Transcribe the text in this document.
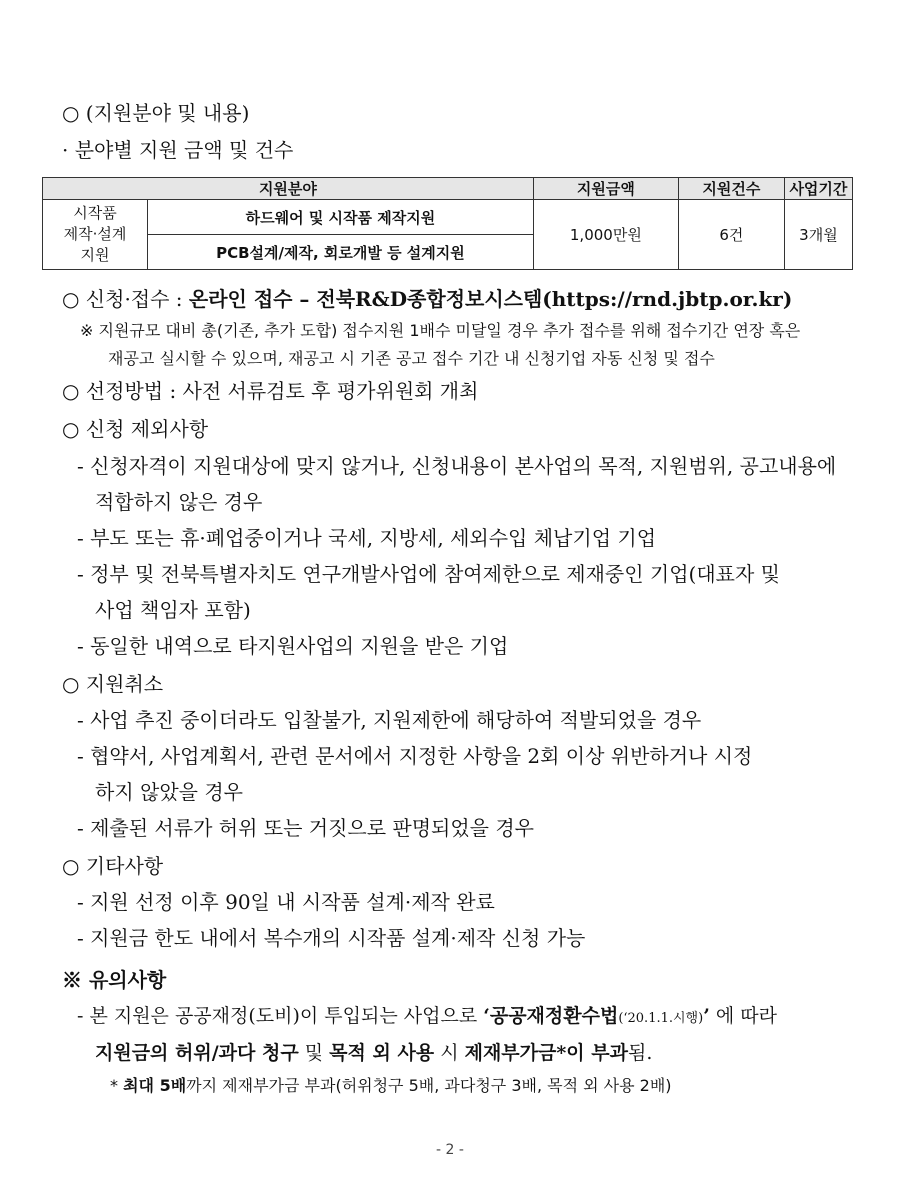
○ (지원분야 및 내용)
· 분야별 지원 금액 및 건수
지원분야		지원금액	지원건수	사업기간

시작품
제작·설계
지원	하드웨어 및 시작품 제작지원	1,000만원	6건	3개월
	PCB설계/제작, 회로개발 등 설계지원			
○ 신청·접수 : 온라인 접수 – 전북R&D종합정보시스템(https://rnd.jbtp.or.kr)
※ 지원규모 대비 총(기존, 추가 도합) 접수지원 1배수 미달일 경우 추가 접수를 위해 접수기간 연장 혹은
재공고 실시할 수 있으며, 재공고 시 기존 공고 접수 기간 내 신청기업 자동 신청 및 접수
○ 선정방법 : 사전 서류검토 후 평가위원회 개최
○ 신청 제외사항
- 신청자격이 지원대상에 맞지 않거나, 신청내용이 본사업의 목적, 지원범위, 공고내용에
적합하지 않은 경우
- 부도 또는 휴·폐업중이거나 국세, 지방세, 세외수입 체납기업 기업
- 정부 및 전북특별자치도 연구개발사업에 참여제한으로 제재중인 기업(대표자 및
사업 책임자 포함)
- 동일한 내역으로 타지원사업의 지원을 받은 기업
○ 지원취소
- 사업 추진 중이더라도 입찰불가, 지원제한에 해당하여 적발되었을 경우
- 협약서, 사업계획서, 관련 문서에서 지정한 사항을 2회 이상 위반하거나 시정
하지 않았을 경우
- 제출된 서류가 허위 또는 거짓으로 판명되었을 경우
○ 기타사항
- 지원 선정 이후 90일 내 시작품 설계·제작 완료
- 지원금 한도 내에서 복수개의 시작품 설계·제작 신청 가능
※ 유의사항
- 본 지원은 공공재정(도비)이 투입되는 사업으로 ‘공공재정환수법(‘20.1.1.시행)’ 에 따라
지원금의 허위/과다 청구 및 목적 외 사용 시 제재부가금*이 부과됨.
* 최대 5배까지 제재부가금 부과(허위청구 5배, 과다청구 3배, 목적 외 사용 2배)
- 2 -
